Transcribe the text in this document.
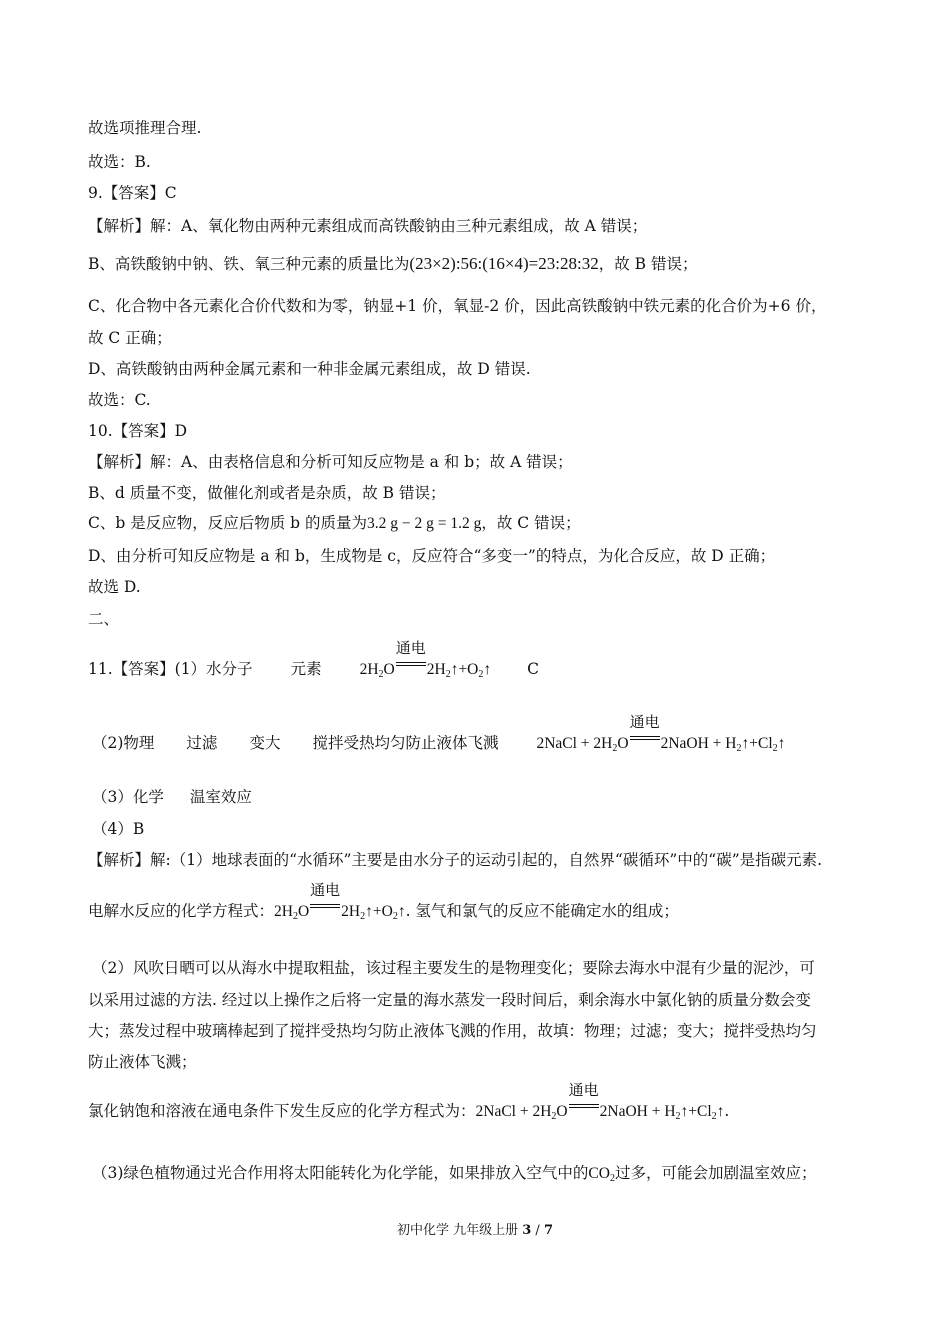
故选项推理合理.
故选：B.
9.【答案】C
【解析】解：A、氧化物由两种元素组成而高铁酸钠由三种元素组成，故 A 错误；
B、高铁酸钠中钠、铁、氧三种元素的质量比为(23×2):56:(16×4)=23:28:32，故 B 错误；
C、化合物中各元素化合价代数和为零，钠显+1 价，氧显-2 价，因此高铁酸钠中铁元素的化合价为+6 价，
故 C 正确；
D、高铁酸钠由两种金属元素和一种非金属元素组成，故 D 错误.
故选：C.
10.【答案】D
【解析】解：A、由表格信息和分析可知反应物是 a 和 b；故 A 错误；
B、d 质量不变，做催化剂或者是杂质，故 B 错误；
C、b 是反应物，反应后物质 b 的质量为3.2 g − 2 g = 1.2 g，故 C 错误；
D、由分析可知反应物是 a 和 b，生成物是 c，反应符合“多变一”的特点，为化合反应，故 D 正确；
故选 D.
二、
11.【答案】(1）水分子 元素 $2H_2O$
通电
$2H_2↑+O_2↑$ C
（2)物理 过滤 变大 搅拌受热均匀防止液体飞溅 2NaCl + $2H_2O$
通电
2NaOH + $H_2↑+Cl_2↑$
（3）化学 温室效应
（4）B
【解析】解:（1）地球表面的“水循环”主要是由水分子的运动引起的，自然界“碳循环”中的“碳”是指碳元素.
电解水反应的化学方程式：$2H_2O$
通电
$2H_2↑+O_2↑$. 氢气和氯气的反应不能确定水的组成；
（2）风吹日晒可以从海水中提取粗盐，该过程主要发生的是物理变化；要除去海水中混有少量的泥沙，可
以采用过滤的方法. 经过以上操作之后将一定量的海水蒸发一段时间后，剩余海水中氯化钠的质量分数会变
大；蒸发过程中玻璃棒起到了搅拌受热均匀防止液体飞溅的作用，故填：物理；过滤；变大；搅拌受热均匀
防止液体飞溅；
氯化钠饱和溶液在通电条件下发生反应的化学方程式为：2NaCl + $2H_2O$
通电
2NaOH + $H_2↑+Cl_2↑$.
（3)绿色植物通过光合作用将太阳能转化为化学能，如果排放入空气中的$CO_2$过多，可能会加剧温室效应；
初中化学 九年级上册 3 / 7
